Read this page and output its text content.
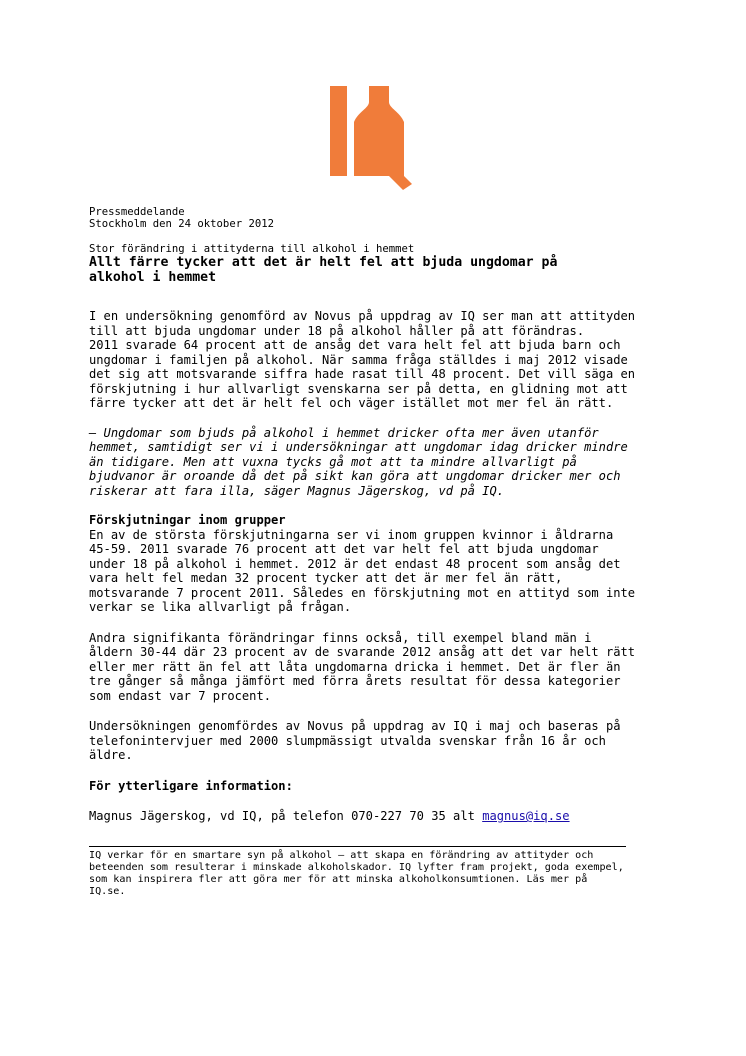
Pressmeddelande
Stockholm den 24 oktober 2012
Stor förändring i attityderna till alkohol i hemmet
Allt färre tycker att det är helt fel att bjuda ungdomar på
alkohol i hemmet

I en undersökning genomförd av Novus på uppdrag av IQ ser man att attityden
till att bjuda ungdomar under 18 på alkohol håller på att förändras.
2011 svarade 64 procent att de ansåg det vara helt fel att bjuda barn och
ungdomar i familjen på alkohol. När samma fråga ställdes i maj 2012 visade
det sig att motsvarande siffra hade rasat till 48 procent. Det vill säga en
förskjutning i hur allvarligt svenskarna ser på detta, en glidning mot att
färre tycker att det är helt fel och väger istället mot mer fel än rätt.

– Ungdomar som bjuds på alkohol i hemmet dricker ofta mer även utanför
hemmet, samtidigt ser vi i undersökningar att ungdomar idag dricker mindre
än tidigare. Men att vuxna tycks gå mot att ta mindre allvarligt på
bjudvanor är oroande då det på sikt kan göra att ungdomar dricker mer och
riskerar att fara illa, säger Magnus Jägerskog, vd på IQ.

Förskjutningar inom grupper

En av de största förskjutningarna ser vi inom gruppen kvinnor i åldrarna
45-59. 2011 svarade 76 procent att det var helt fel att bjuda ungdomar
under 18 på alkohol i hemmet. 2012 är det endast 48 procent som ansåg det
vara helt fel medan 32 procent tycker att det är mer fel än rätt,
motsvarande 7 procent 2011. Således en förskjutning mot en attityd som inte
verkar se lika allvarligt på frågan.

Andra signifikanta förändringar finns också, till exempel bland män i
åldern 30-44 där 23 procent av de svarande 2012 ansåg att det var helt rätt
eller mer rätt än fel att låta ungdomarna dricka i hemmet. Det är fler än
tre gånger så många jämfört med förra årets resultat för dessa kategorier
som endast var 7 procent.

Undersökningen genomfördes av Novus på uppdrag av IQ i maj och baseras på
telefonintervjuer med 2000 slumpmässigt utvalda svenskar från 16 år och
äldre.

För ytterligare information:

Magnus Jägerskog, vd IQ, på telefon 070-227 70 35 alt magnus@iq.se

IQ verkar för en smartare syn på alkohol – att skapa en förändring av attityder och
beteenden som resulterar i minskade alkoholskador. IQ lyfter fram projekt, goda exempel,
som kan inspirera fler att göra mer för att minska alkoholkonsumtionen. Läs mer på
IQ.se.
